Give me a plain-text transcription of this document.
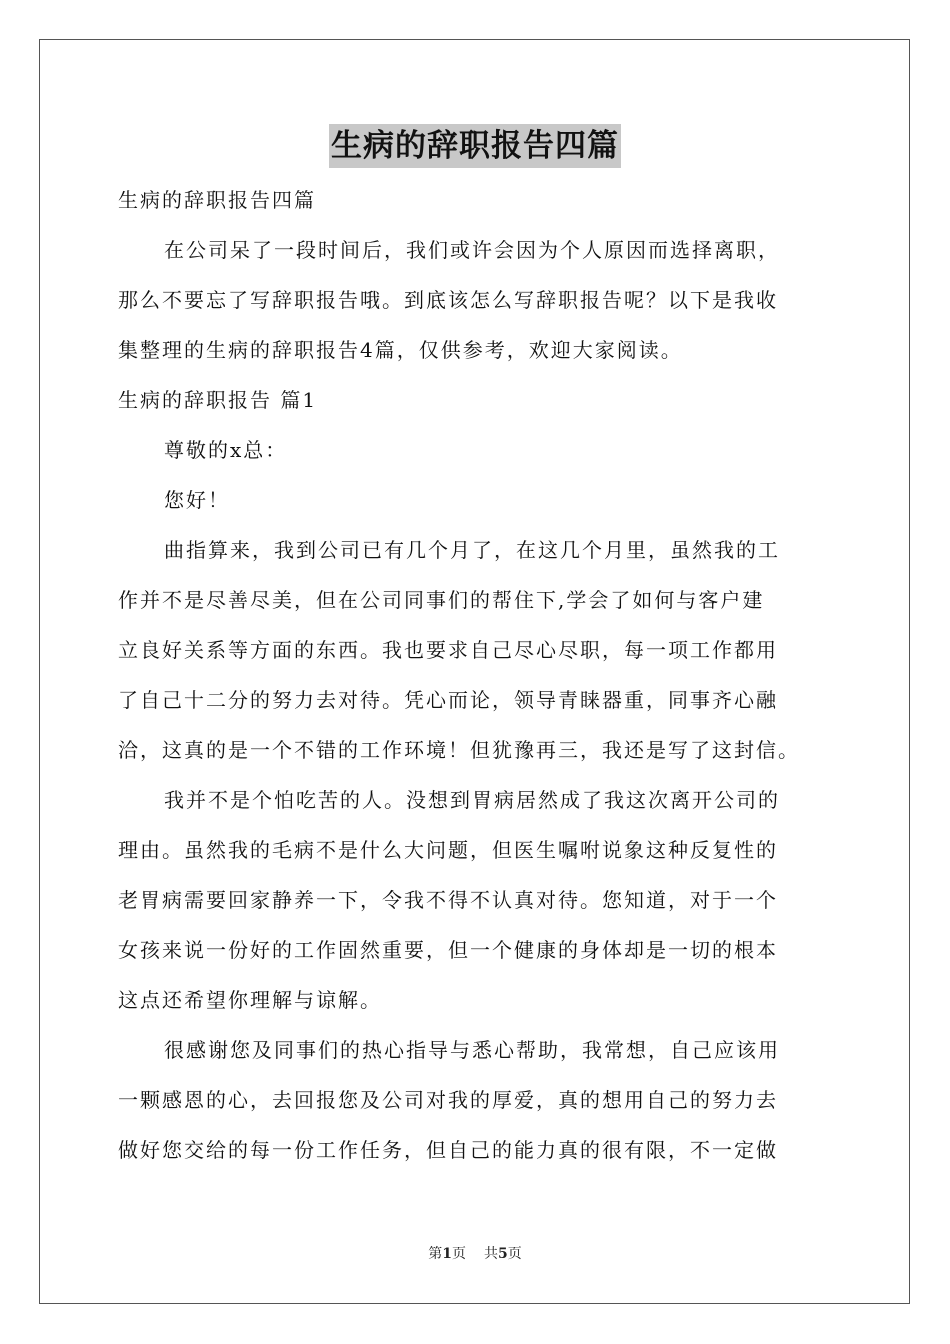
生病的辞职报告四篇
生病的辞职报告四篇
在公司呆了一段时间后，我们或许会因为个人原因而选择离职，
那么不要忘了写辞职报告哦。到底该怎么写辞职报告呢？以下是我收
集整理的生病的辞职报告4篇，仅供参考，欢迎大家阅读。
生病的辞职报告 篇1
尊敬的x总：
您好！
曲指算来，我到公司已有几个月了，在这几个月里，虽然我的工
作并不是尽善尽美，但在公司同事们的帮住下,学会了如何与客户建
立良好关系等方面的东西。我也要求自己尽心尽职，每一项工作都用
了自己十二分的努力去对待。凭心而论，领导青睐器重，同事齐心融
洽，这真的是一个不错的工作环境！但犹豫再三，我还是写了这封信。
我并不是个怕吃苦的人。没想到胃病居然成了我这次离开公司的
理由。虽然我的毛病不是什么大问题，但医生嘱咐说象这种反复性的
老胃病需要回家静养一下，令我不得不认真对待。您知道，对于一个
女孩来说一份好的工作固然重要，但一个健康的身体却是一切的根本
这点还希望你理解与谅解。
很感谢您及同事们的热心指导与悉心帮助，我常想，自己应该用
一颗感恩的心，去回报您及公司对我的厚爱，真的想用自己的努力去
做好您交给的每一份工作任务，但自己的能力真的很有限，不一定做
第1页 共5页
